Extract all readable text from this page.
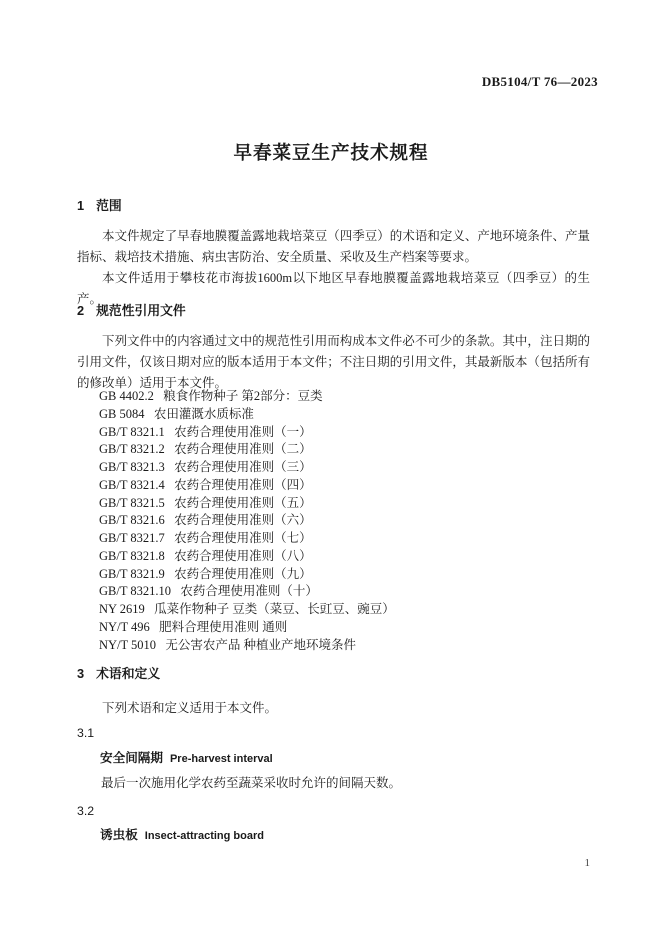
DB5104/T 76—2023
早春菜豆生产技术规程
1 范围
本文件规定了早春地膜覆盖露地栽培菜豆（四季豆）的术语和定义、产地环境条件、产量指标、栽培技术措施、病虫害防治、安全质量、采收及生产档案等要求。
本文件适用于攀枝花市海拔1600m以下地区早春地膜覆盖露地栽培菜豆（四季豆）的生产。
2 规范性引用文件
下列文件中的内容通过文中的规范性引用而构成本文件必不可少的条款。其中，注日期的引用文件，仅该日期对应的版本适用于本文件；不注日期的引用文件，其最新版本（包括所有的修改单）适用于本文件。
GB 4402.2   粮食作物种子 第2部分：豆类
GB 5084   农田灌溉水质标准
GB/T 8321.1   农药合理使用准则（一）
GB/T 8321.2   农药合理使用准则（二）
GB/T 8321.3   农药合理使用准则（三）
GB/T 8321.4   农药合理使用准则（四）
GB/T 8321.5   农药合理使用准则（五）
GB/T 8321.6   农药合理使用准则（六）
GB/T 8321.7   农药合理使用准则（七）
GB/T 8321.8   农药合理使用准则（八）
GB/T 8321.9   农药合理使用准则（九）
GB/T 8321.10   农药合理使用准则（十）
NY 2619   瓜菜作物种子 豆类（菜豆、长豇豆、豌豆）
NY/T 496   肥料合理使用准则 通则
NY/T 5010   无公害农产品 种植业产地环境条件
3 术语和定义
下列术语和定义适用于本文件。
3.1
安全间隔期 Pre-harvest interval
最后一次施用化学农药至蔬菜采收时允许的间隔天数。
3.2
诱虫板 Insect-attracting board
1
